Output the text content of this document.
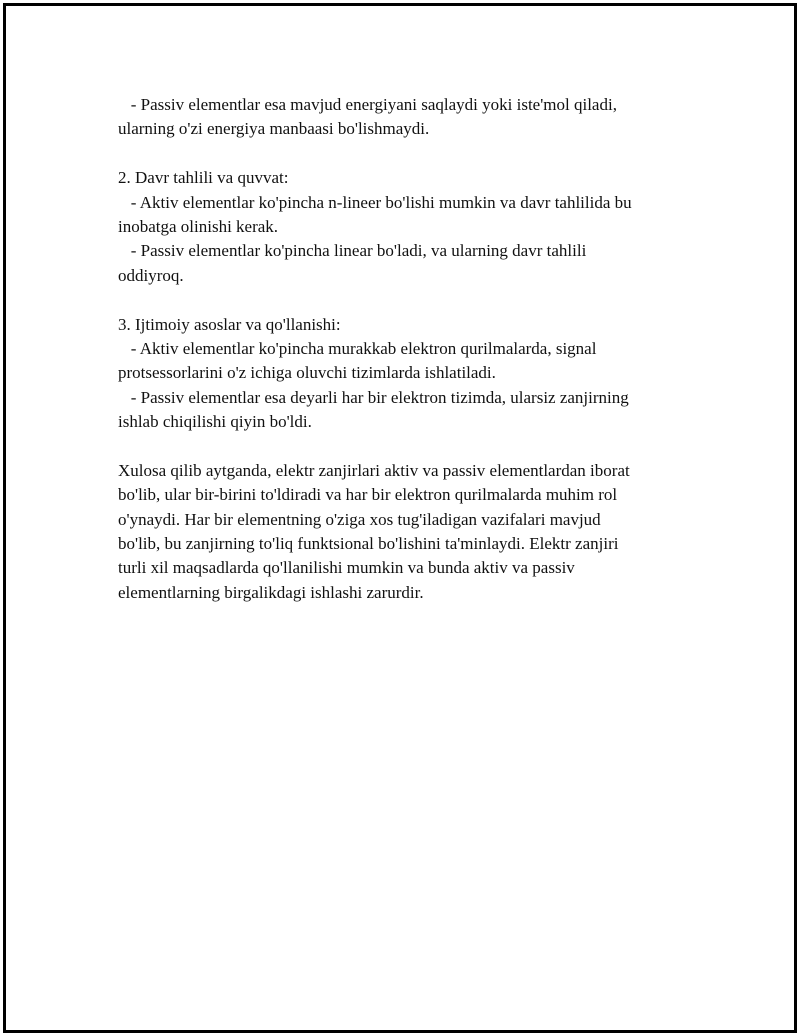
- Passiv elementlar esa mavjud energiyani saqlaydi yoki iste'mol qiladi,
ularning o'zi energiya manbaasi bo'lishmaydi.
2. Davr tahlili va quvvat:
- Aktiv elementlar ko'pincha n-lineer bo'lishi mumkin va davr tahlilida bu
inobatga olinishi kerak.
- Passiv elementlar ko'pincha linear bo'ladi, va ularning davr tahlili
oddiyroq.
3. Ijtimoiy asoslar va qo'llanishi:
- Aktiv elementlar ko'pincha murakkab elektron qurilmalarda, signal
protsessorlarini o'z ichiga oluvchi tizimlarda ishlatiladi.
- Passiv elementlar esa deyarli har bir elektron tizimda, ularsiz zanjirning
ishlab chiqilishi qiyin bo'ldi.
Xulosa qilib aytganda, elektr zanjirlari aktiv va passiv elementlardan iborat
bo'lib, ular bir-birini to'ldiradi va har bir elektron qurilmalarda muhim rol
o'ynaydi. Har bir elementning o'ziga xos tug'iladigan vazifalari mavjud
bo'lib, bu zanjirning to'liq funktsional bo'lishini ta'minlaydi. Elektr zanjiri
turli xil maqsadlarda qo'llanilishi mumkin va bunda aktiv va passiv
elementlarning birgalikdagi ishlashi zarurdir.
